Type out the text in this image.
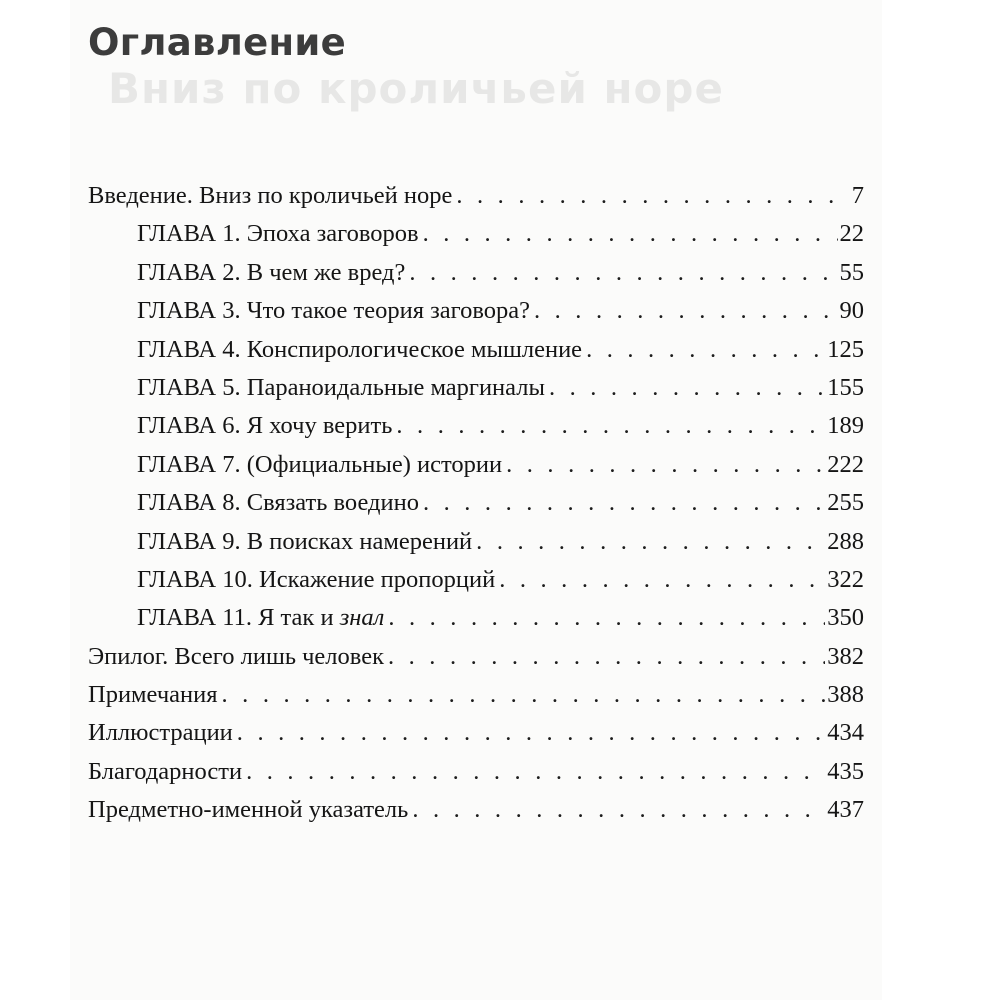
Вниз по кроличьей норе
Оглавление
Введение. Вниз по кроличьей норе . . .	7
ГЛАВА 1. Эпоха заговоров . . .	22
ГЛАВА 2. В чем же вред? . . .	55
ГЛАВА 3. Что такое теория заговора? . . .	90
ГЛАВА 4. Конспирологическое мышление . . .	125
ГЛАВА 5. Параноидальные маргиналы . . .	155
ГЛАВА 6. Я хочу верить . . .	189
ГЛАВА 7. (Официальные) истории . . .	222
ГЛАВА 8. Связать воедино . . .	255
ГЛАВА 9. В поисках намерений . . .	288
ГЛАВА 10. Искажение пропорций . . .	322
ГЛАВА 11. Я так и знал . . .	350
Эпилог. Всего лишь человек . . .	382
Примечания . . .	388
Иллюстрации . . .	434
Благодарности . . .	435
Предметно-именной указатель . . .	437
